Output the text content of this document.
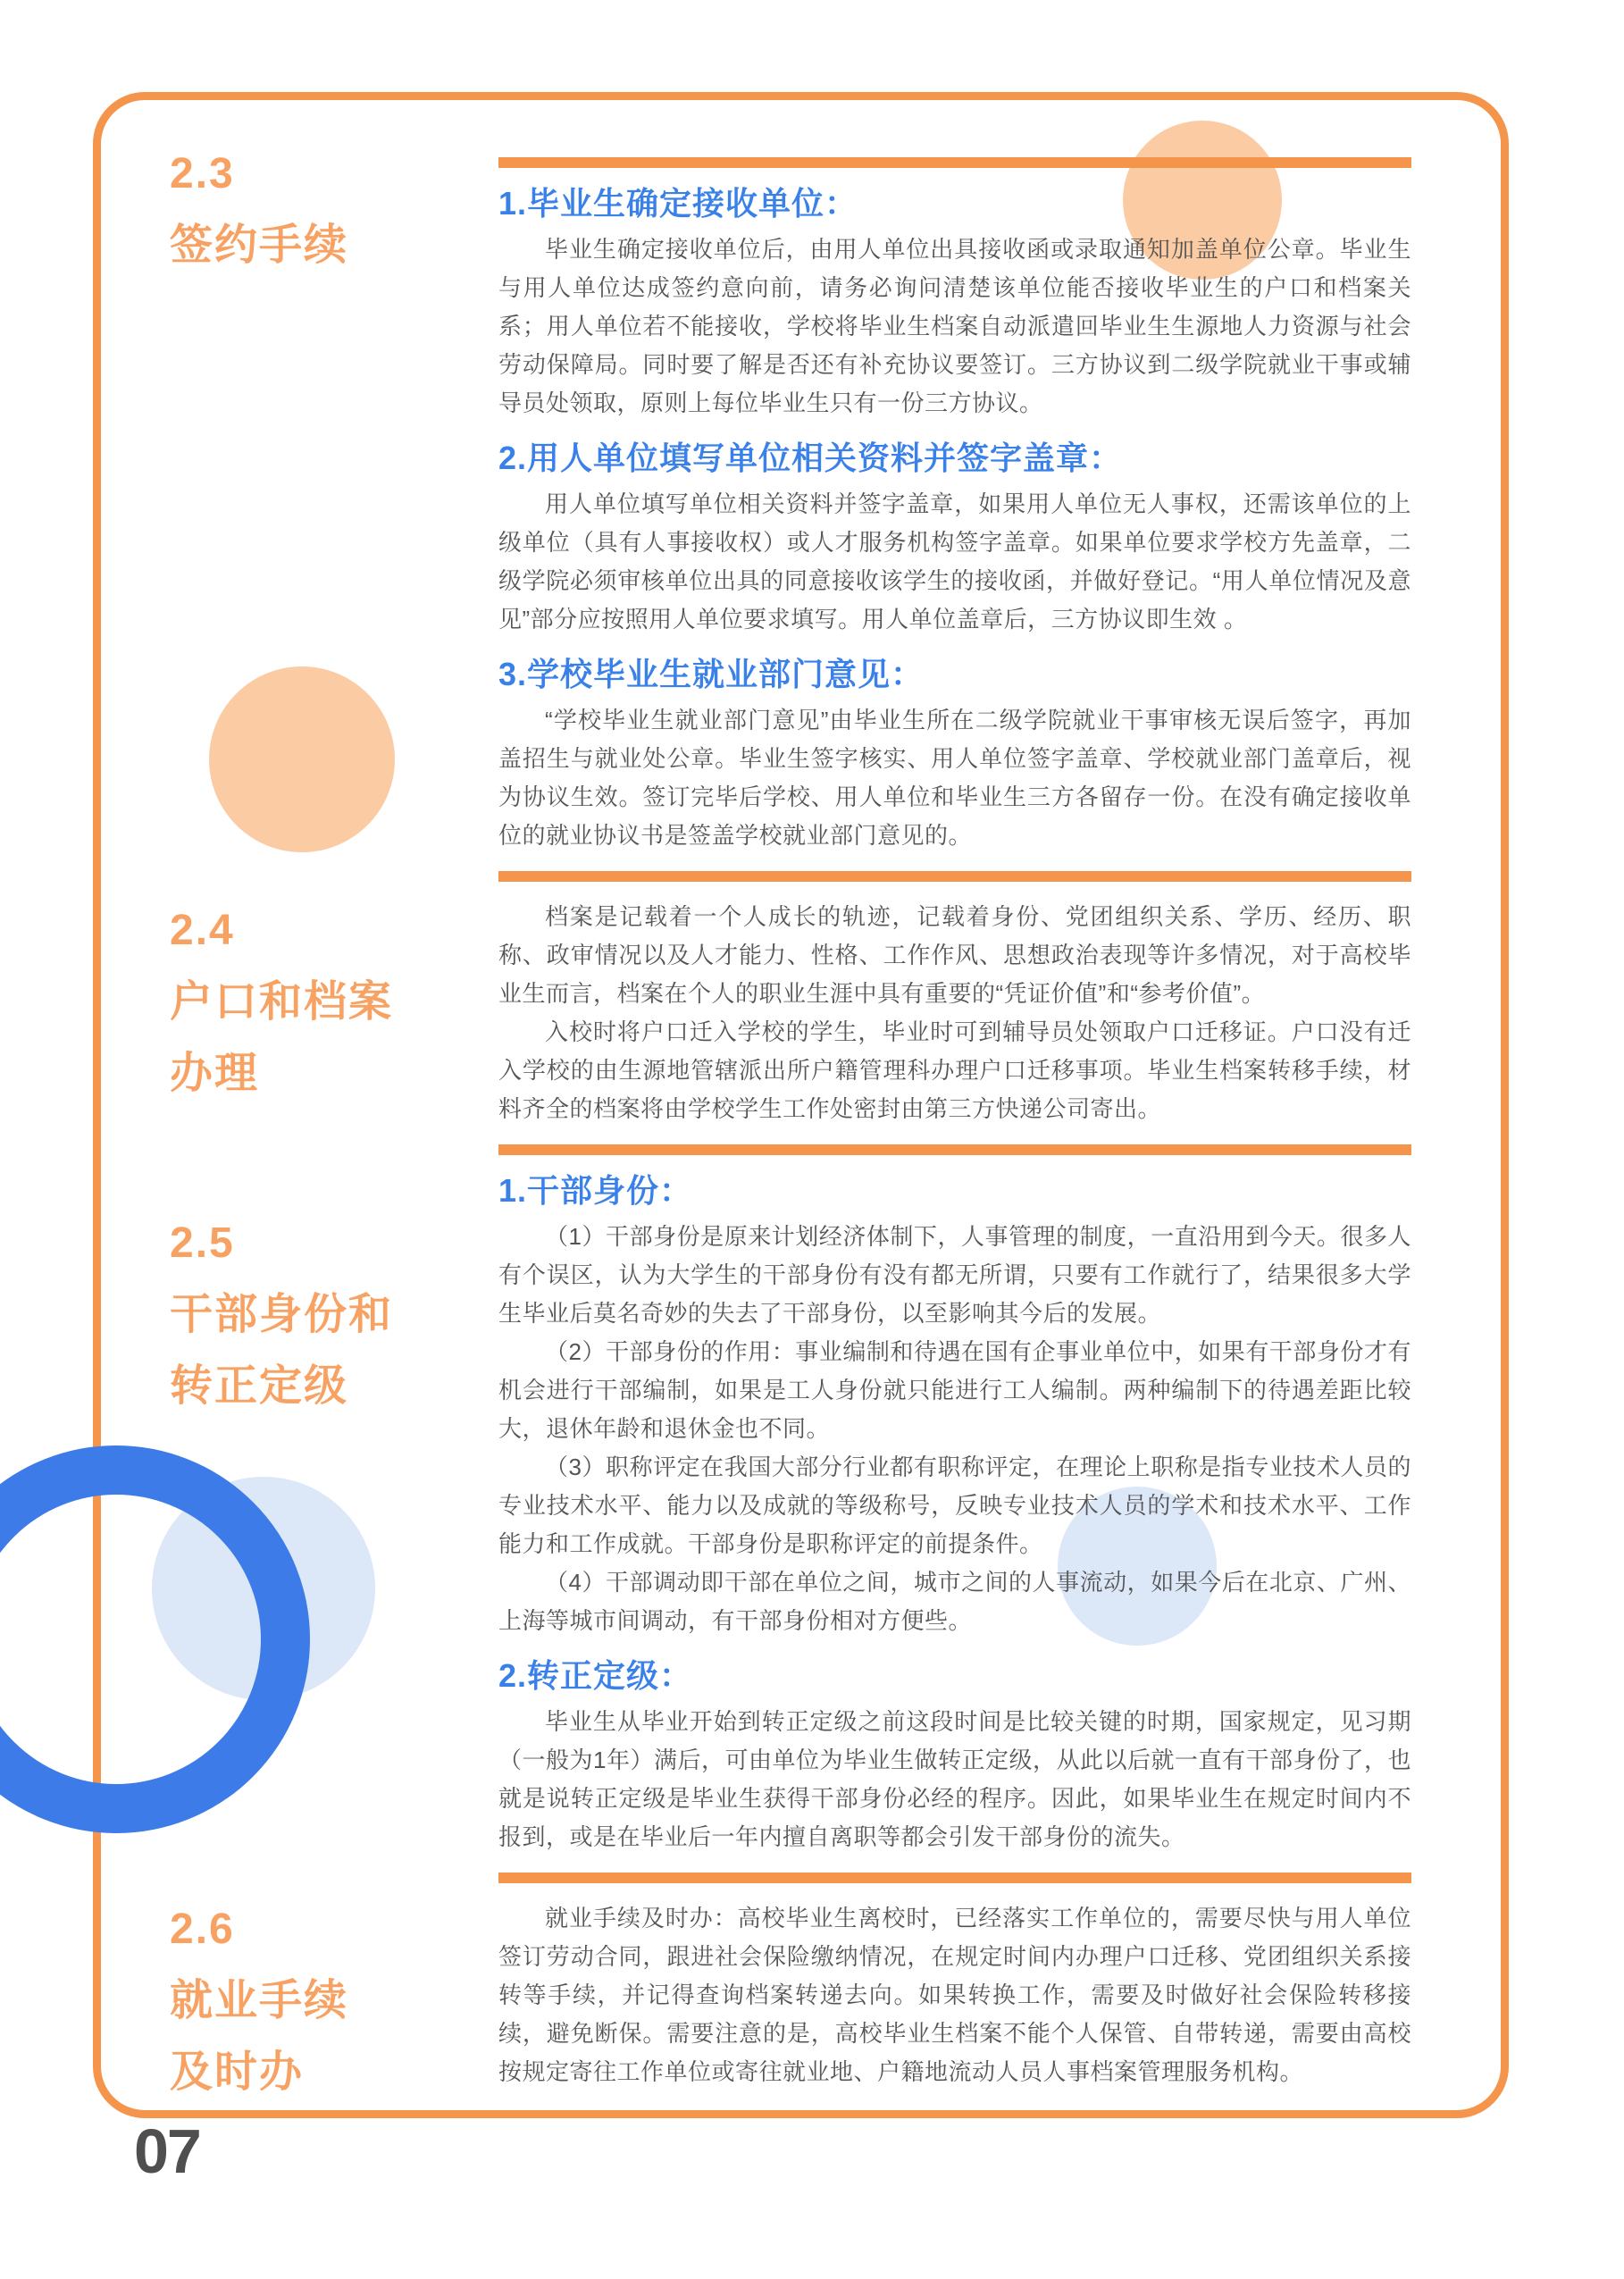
2.3
签约手续
2.4
户口和档案
办理
2.5
干部身份和
转正定级
2.6
就业手续
及时办
1.毕业生确定接收单位：

毕业生确定接收单位后，由用人单位出具接收函或录取通知加盖单位公章。毕业生与用人单位达成签约意向前，请务必询问清楚该单位能否接收毕业生的户口和档案关系；用人单位若不能接收，学校将毕业生档案自动派遣回毕业生生源地人力资源与社会劳动保障局。同时要了解是否还有补充协议要签订。三方协议到二级学院就业干事或辅导员处领取，原则上每位毕业生只有一份三方协议。

2.用人单位填写单位相关资料并签字盖章：

用人单位填写单位相关资料并签字盖章，如果用人单位无人事权，还需该单位的上级单位（具有人事接收权）或人才服务机构签字盖章。如果单位要求学校方先盖章，二级学院必须审核单位出具的同意接收该学生的接收函，并做好登记。“用人单位情况及意见”部分应按照用人单位要求填写。用人单位盖章后，三方协议即生效 。

3.学校毕业生就业部门意见：

“学校毕业生就业部门意见”由毕业生所在二级学院就业干事审核无误后签字，再加盖招生与就业处公章。毕业生签字核实、用人单位签字盖章、学校就业部门盖章后，视为协议生效。签订完毕后学校、用人单位和毕业生三方各留存一份。在没有确定接收单位的就业协议书是签盖学校就业部门意见的。

档案是记载着一个人成长的轨迹，记载着身份、党团组织关系、学历、经历、职称、政审情况以及人才能力、性格、工作作风、思想政治表现等许多情况，对于高校毕业生而言，档案在个人的职业生涯中具有重要的“凭证价值”和“参考价值”。

入校时将户口迁入学校的学生，毕业时可到辅导员处领取户口迁移证。户口没有迁入学校的由生源地管辖派出所户籍管理科办理户口迁移事项。毕业生档案转移手续，材料齐全的档案将由学校学生工作处密封由第三方快递公司寄出。

1.干部身份：

（1）干部身份是原来计划经济体制下，人事管理的制度，一直沿用到今天。很多人有个误区，认为大学生的干部身份有没有都无所谓，只要有工作就行了，结果很多大学生毕业后莫名奇妙的失去了干部身份，以至影响其今后的发展。

（2）干部身份的作用：事业编制和待遇在国有企事业单位中，如果有干部身份才有机会进行干部编制，如果是工人身份就只能进行工人编制。两种编制下的待遇差距比较大，退休年龄和退休金也不同。

（3）职称评定在我国大部分行业都有职称评定，在理论上职称是指专业技术人员的专业技术水平、能力以及成就的等级称号，反映专业技术人员的学术和技术水平、工作能力和工作成就。干部身份是职称评定的前提条件。

（4）干部调动即干部在单位之间，城市之间的人事流动，如果今后在北京、广州、上海等城市间调动，有干部身份相对方便些。

2.转正定级：

毕业生从毕业开始到转正定级之前这段时间是比较关键的时期，国家规定，见习期（一般为1年）满后，可由单位为毕业生做转正定级，从此以后就一直有干部身份了，也就是说转正定级是毕业生获得干部身份必经的程序。因此，如果毕业生在规定时间内不报到，或是在毕业后一年内擅自离职等都会引发干部身份的流失。

就业手续及时办：高校毕业生离校时，已经落实工作单位的，需要尽快与用人单位签订劳动合同，跟进社会保险缴纳情况，在规定时间内办理户口迁移、党团组织关系接转等手续，并记得查询档案转递去向。如果转换工作，需要及时做好社会保险转移接续，避免断保。需要注意的是，高校毕业生档案不能个人保管、自带转递，需要由高校按规定寄往工作单位或寄往就业地、户籍地流动人员人事档案管理服务机构。

07
